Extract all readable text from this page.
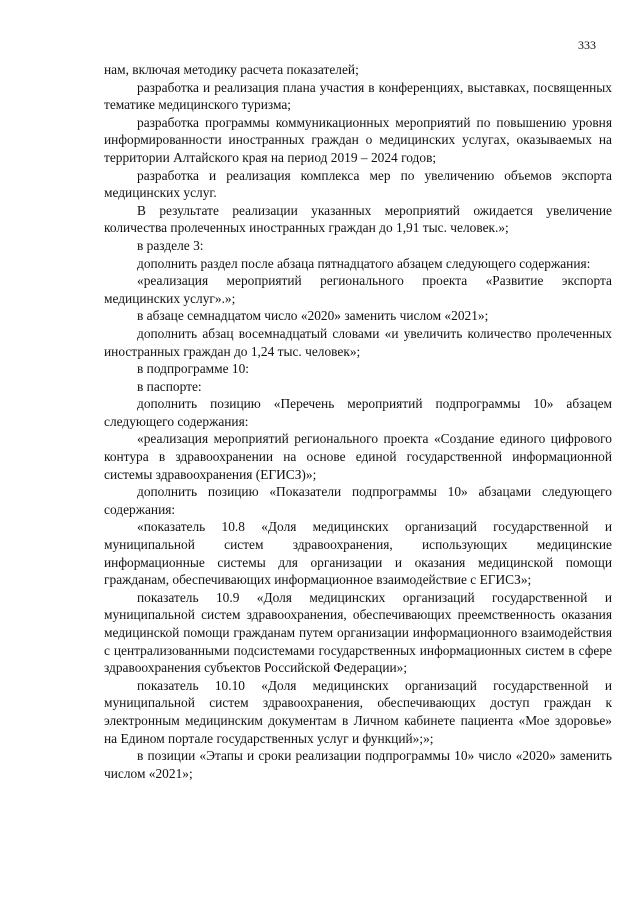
333

нам, включая методику расчета показателей;

разработка и реализация плана участия в конференциях, выставках, посвященных тематике медицинского туризма;

разработка программы коммуникационных мероприятий по повышению уровня информированности иностранных граждан о медицинских услугах, оказываемых на территории Алтайского края на период 2019 – 2024 годов;

разработка и реализация комплекса мер по увеличению объемов экспорта медицинских услуг.

В результате реализации указанных мероприятий ожидается увеличение количества пролеченных иностранных граждан до 1,91 тыс. человек.»;

в разделе 3:

дополнить раздел после абзаца пятнадцатого абзацем следующего содержания:

«реализация мероприятий регионального проекта «Развитие экспорта медицинских услуг».»;

в абзаце семнадцатом число «2020» заменить числом «2021»;

дополнить абзац восемнадцатый словами «и увеличить количество пролеченных иностранных граждан до 1,24 тыс. человек»;

в подпрограмме 10:

в паспорте:

дополнить позицию «Перечень мероприятий подпрограммы 10» абзацем следующего содержания:

«реализация мероприятий регионального проекта «Создание единого цифрового контура в здравоохранении на основе единой государственной информационной системы здравоохранения (ЕГИСЗ)»;

дополнить позицию «Показатели подпрограммы 10» абзацами следующего содержания:

«показатель 10.8 «Доля медицинских организаций государственной и муниципальной систем здравоохранения, использующих медицинские информационные системы для организации и оказания медицинской помощи гражданам, обеспечивающих информационное взаимодействие с ЕГИСЗ»;

показатель 10.9 «Доля медицинских организаций государственной и муниципальной систем здравоохранения, обеспечивающих преемственность оказания медицинской помощи гражданам путем организации информационного взаимодействия с централизованными подсистемами государственных информационных систем в сфере здравоохранения субъектов Российской Федерации»;

показатель 10.10 «Доля медицинских организаций государственной и муниципальной систем здравоохранения, обеспечивающих доступ граждан к электронным медицинским документам в Личном кабинете пациента «Мое здоровье» на Едином портале государственных услуг и функций»;»;

в позиции «Этапы и сроки реализации подпрограммы 10» число «2020» заменить числом «2021»;
